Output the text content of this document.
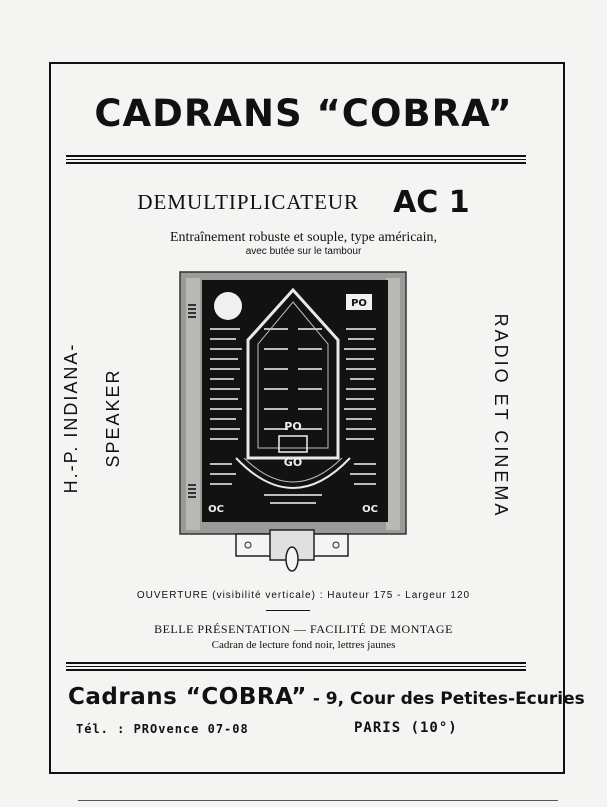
CADRANS “COBRA”
DEMULTIPLICATEUR AC 1
Entraînement robuste et souple, type américain,
avec butée sur le tambour
H.-P. INDIANA-SPEAKER	RADIO ET CINEMA
PO
PO
GO
OC	OC
OUVERTURE (visibilité verticale) : Hauteur 175 - Largeur 120
BELLE PRÉSENTATION — FACILITÉ DE MONTAGE
Cadran de lecture fond noir, lettres jaunes
Cadrans “COBRA” - 9, Cour des Petites-Ecuries
Tél. : PROvence 07-08	PARIS (10°)
